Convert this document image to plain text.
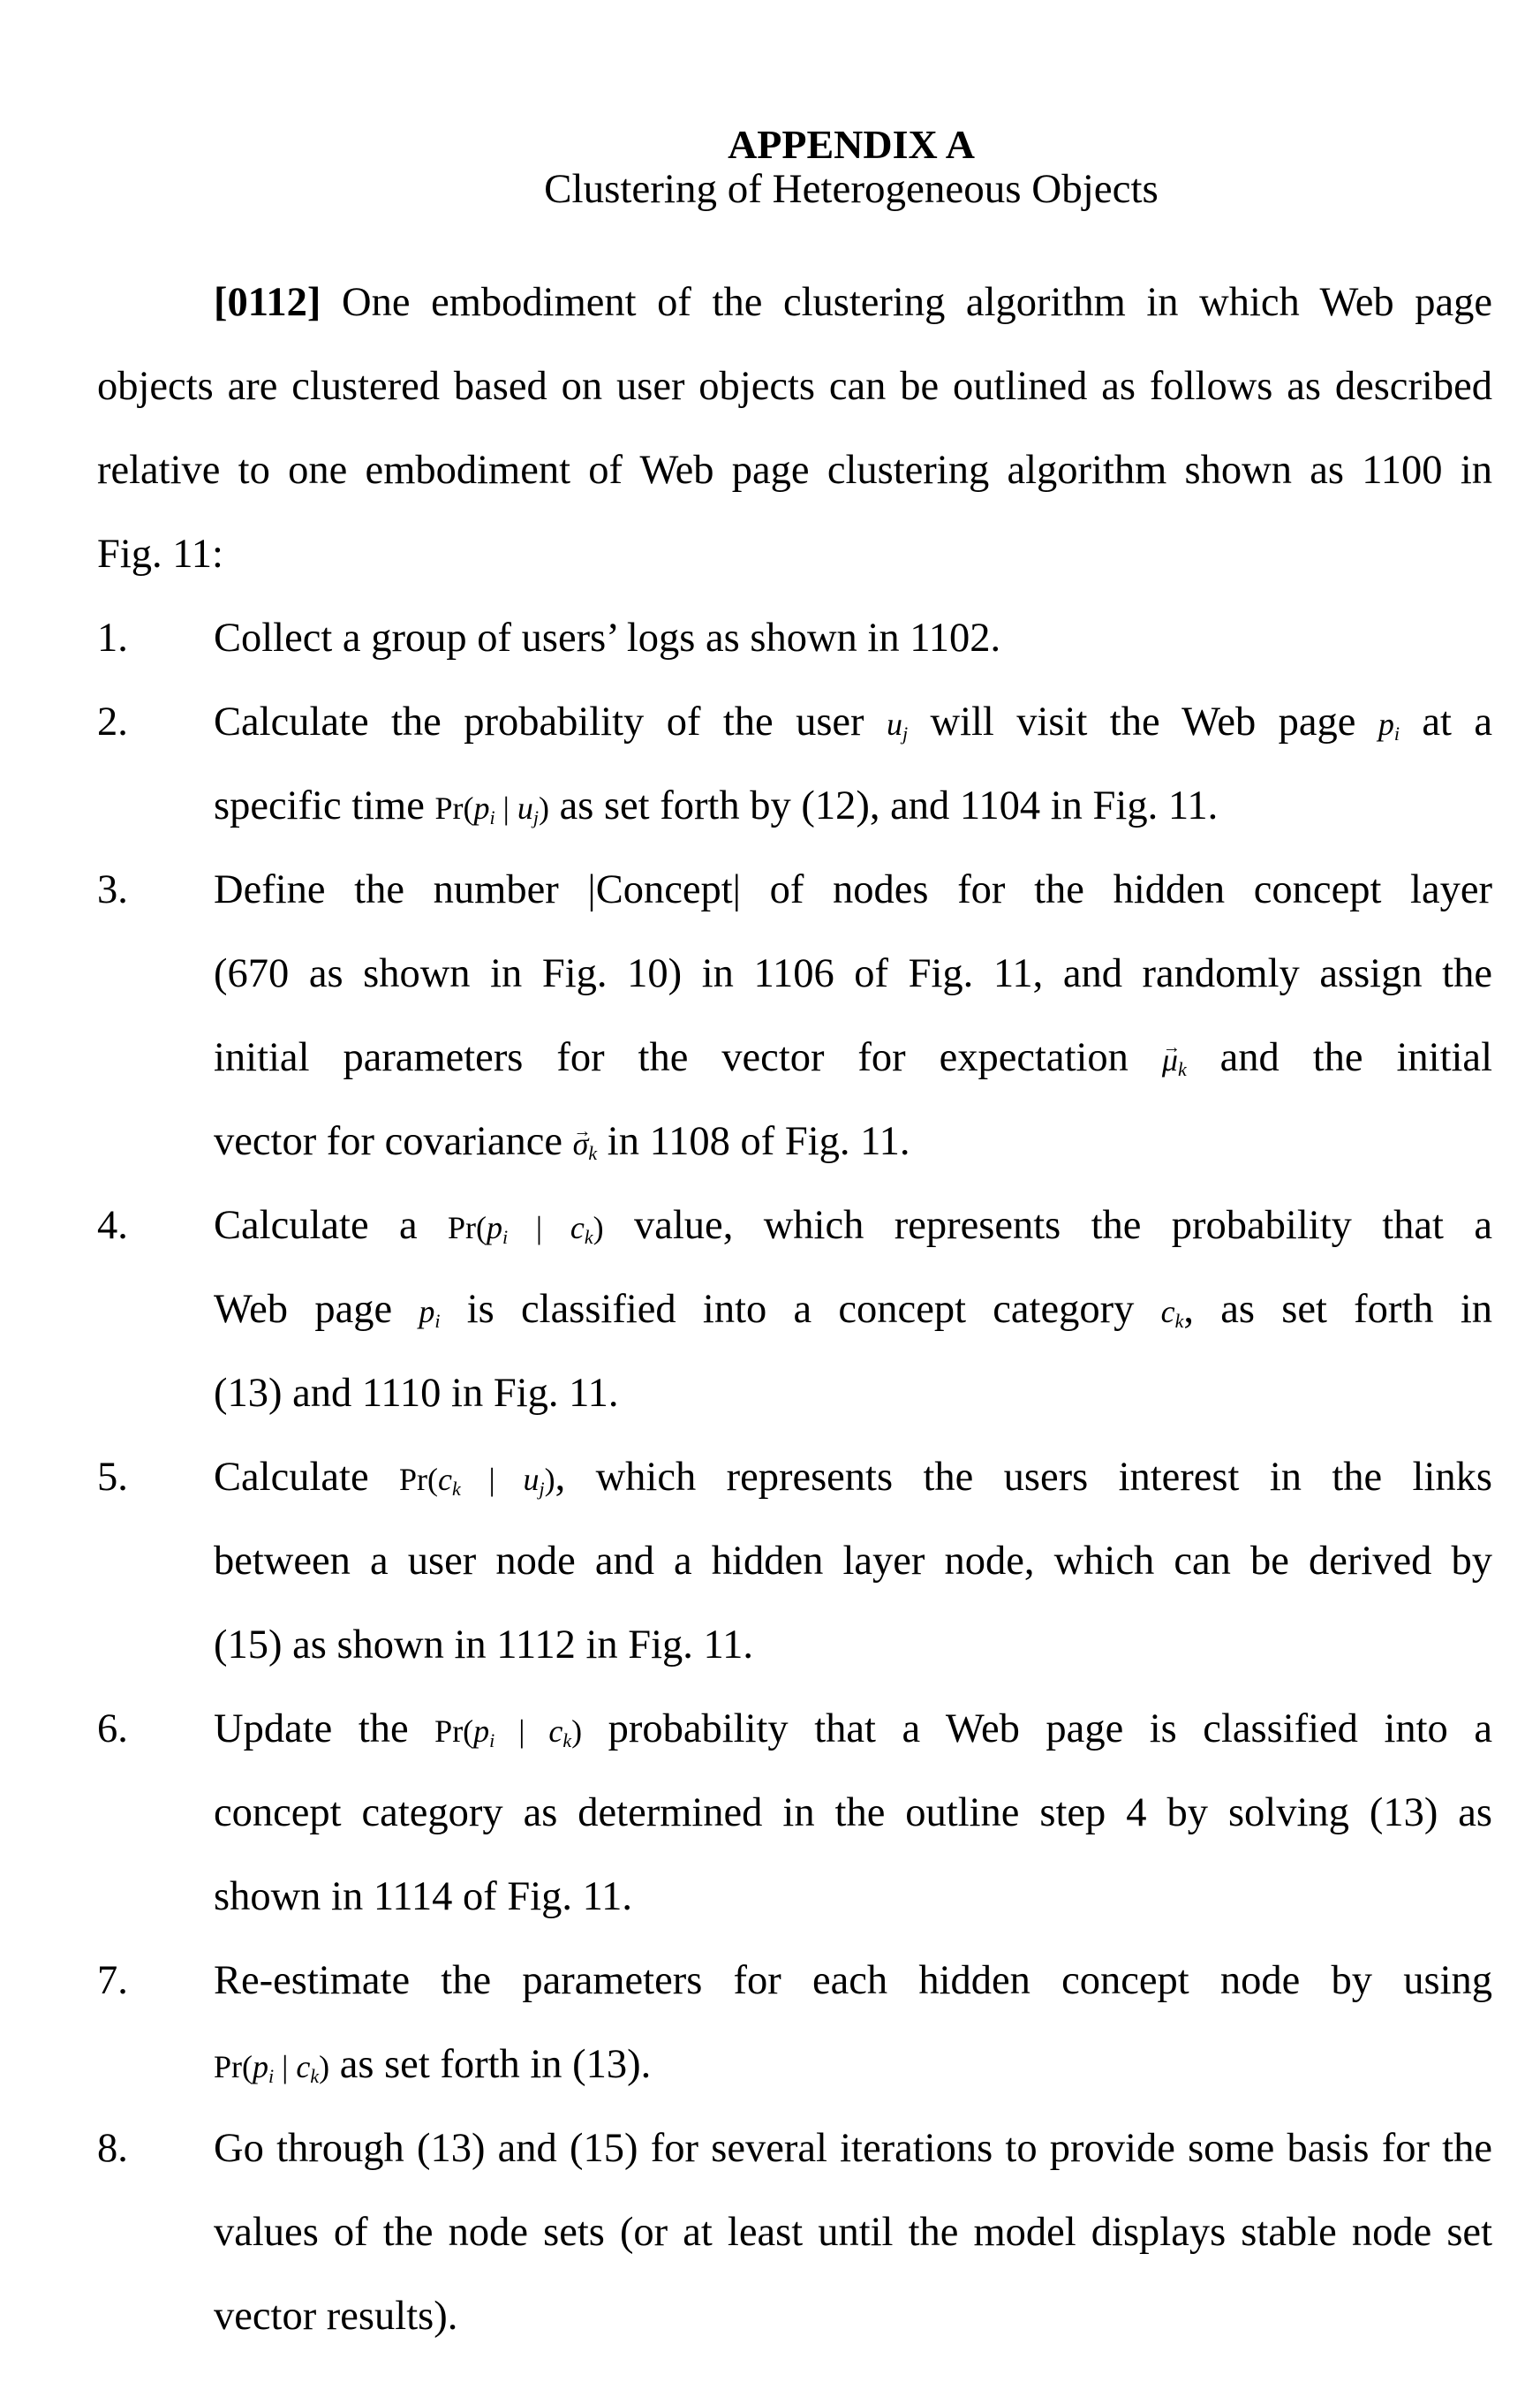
APPENDIX A
Clustering of Heterogeneous Objects
[0112] One embodiment of the clustering algorithm in which Web page
objects are clustered based on user objects can be outlined as follows as described
relative to one embodiment of Web page clustering algorithm shown as 1100 in
Fig. 11:
Collect a group of users’ logs as shown in 1102.
1.
Calculate the probability of the user $u_j$ will visit the Web page $p_i$ at a
specific time $Pr(p_i$ | $u_j$) as set forth by (12), and 1104 in Fig. 11.
2.
Define the number |Concept| of nodes for the hidden concept layer
(670 as shown in Fig. 10) in 1106 of Fig. 11, and randomly assign the
initial parameters for the vector for expectation → $\mu_k$ and the initial
vector for covariance → $\sigma_k$ in 1108 of Fig. 11.
3.
Calculate a $Pr(p_i$ | $c_k$) value, which represents the probability that a
Web page $p_i$ is classified into a concept category $c_k$, as set forth in
(13) and 1110 in Fig. 11.
4.
Calculate $Pr(c_k$ | $u_j$), which represents the users interest in the links
between a user node and a hidden layer node, which can be derived by
(15) as shown in 1112 in Fig. 11.
5.
Update the $Pr(p_i$ | $c_k$) probability that a Web page is classified into a
concept category as determined in the outline step 4 by solving (13) as
shown in 1114 of Fig. 11.
6.
Re-estimate the parameters for each hidden concept node by using
$Pr(p_i$ | $c_k$) as set forth in (13).
7.
Go through (13) and (15) for several iterations to provide some basis for the
values of the node sets (or at least until the model displays stable node set
vector results).
8.
